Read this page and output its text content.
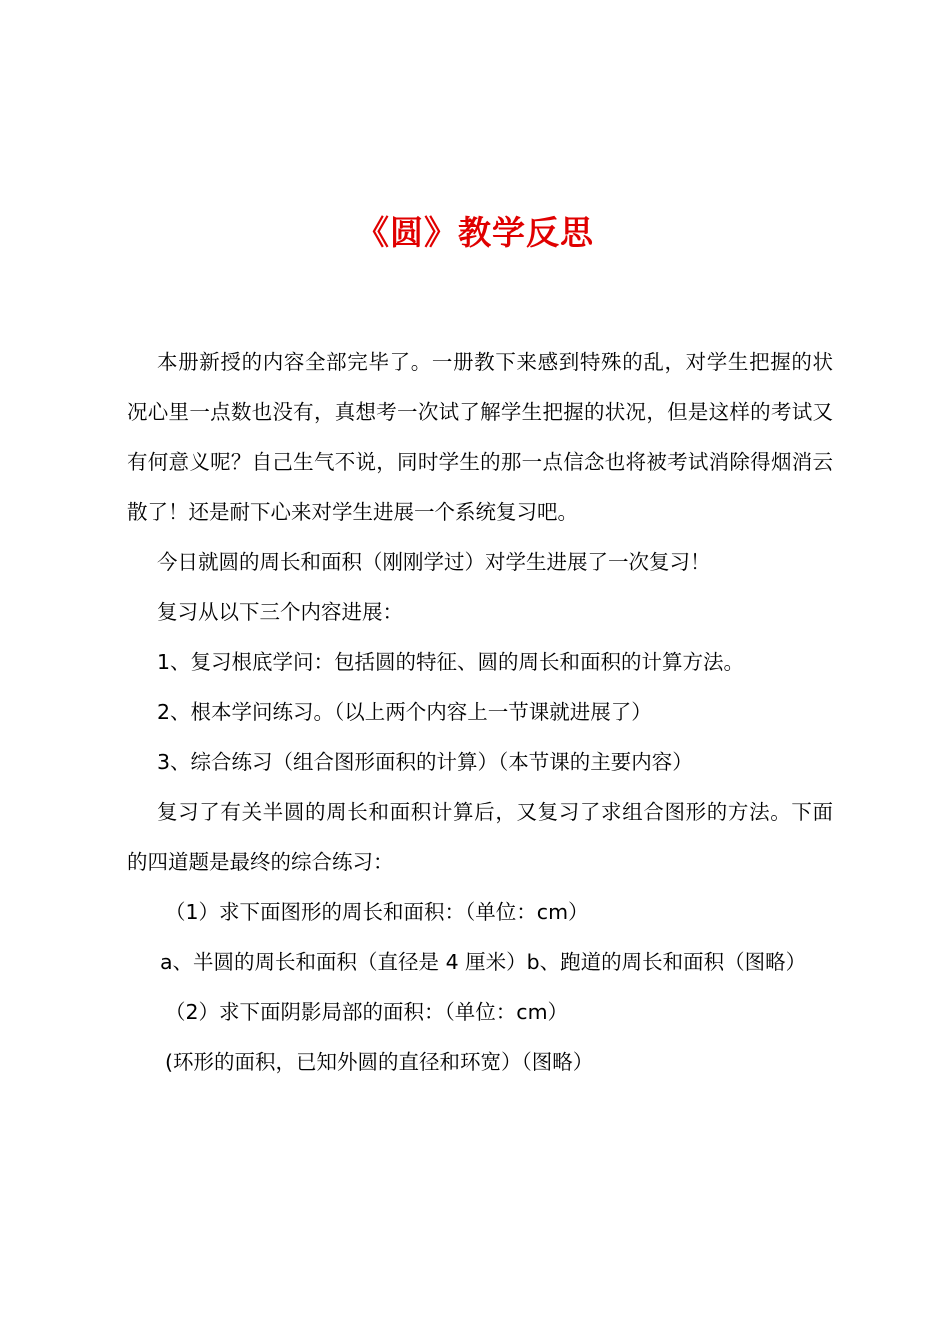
《圆》教学反思

本册新授的内容全部完毕了。一册教下来感到特殊的乱，对学生把握的状况心里一点数也没有，真想考一次试了解学生把握的状况，但是这样的考试又有何意义呢？自己生气不说，同时学生的那一点信念也将被考试消除得烟消云散了！还是耐下心来对学生进展一个系统复习吧。

今日就圆的周长和面积（刚刚学过）对学生进展了一次复习！

复习从以下三个内容进展：

1、复习根底学问：包括圆的特征、圆的周长和面积的计算方法。

2、根本学问练习。（以上两个内容上一节课就进展了）

3、综合练习（组合图形面积的计算）（本节课的主要内容）

复习了有关半圆的周长和面积计算后，又复习了求组合图形的方法。下面的四道题是最终的综合练习：

（1）求下面图形的周长和面积：（单位：cm）

a、半圆的周长和面积（直径是 4 厘米）b、跑道的周长和面积（图略）

（2）求下面阴影局部的面积：（单位：cm）

(环形的面积，已知外圆的直径和环宽）（图略）
